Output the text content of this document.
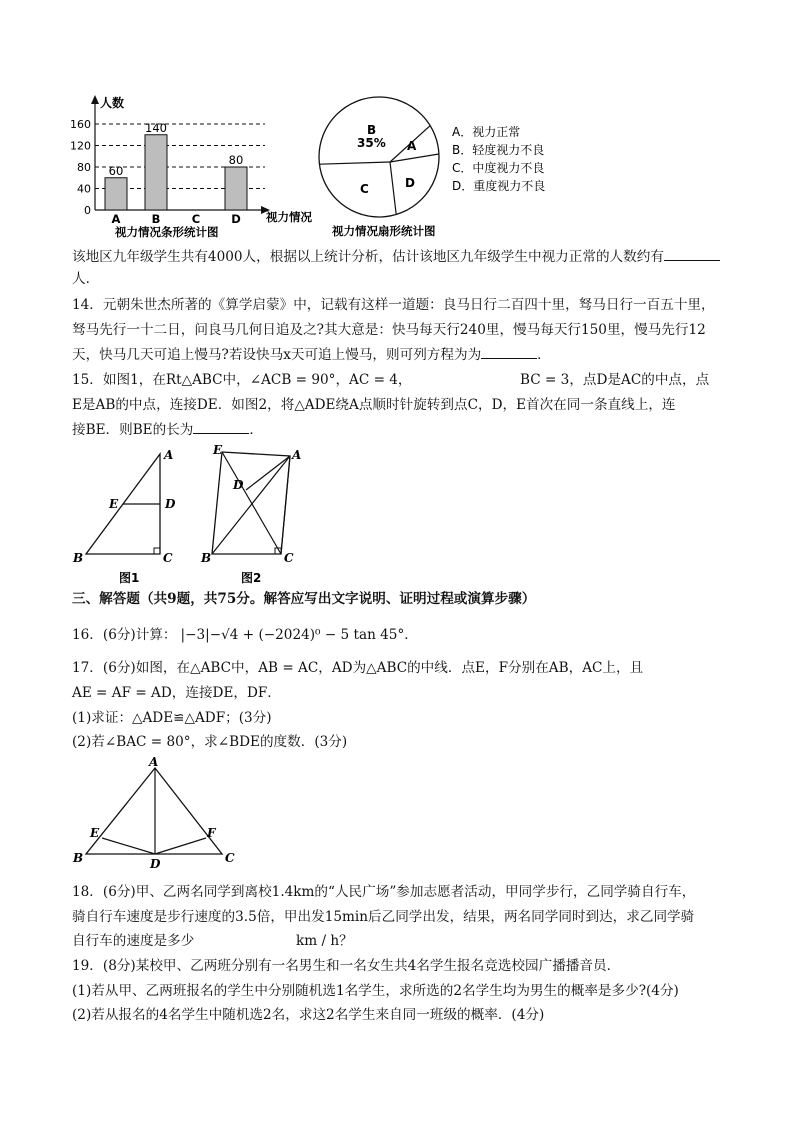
人数
视力情况
视力情况条形统计图
0
40
80
120
160
60
A
140
B	C
80
D
B
35% A
D
C
视力情况扇形统计图
A．视力正常
B．轻度视力不良
C．中度视力不良
D．重度视力不良
该地区九年级学生共有4000人，根据以上统计分析，估计该地区九年级学生中视力正常的人数约有
人．
14．元朝朱世杰所著的《算学启蒙》中，记载有这样一道题：良马日行二百四十里，驽马日行一百五十里，
驽马先行一十二日，问良马几何日追及之?其大意是：快马每天行240里，慢马每天行150里，慢马先行12
天，快马几天可追上慢马?若设快马x天可追上慢马，则可列方程为为	．
15．如图1，在Rt△ABC中，∠ACB = 90°，AC = 4，	BC = 3，点D是AC的中点，点
E是AB的中点，连接DE．如图2，将△ADE绕A点顺时针旋转到点C，D，E首次在同一条直线上，连
接BE．则BE的长为	．
A
E	D
B	C
图1
E	A
D
B	C
图2
三、解答题（共9题，共75分。解答应写出文字说明、证明过程或演算步骤）
16．(6分)计算： |−3|−√4 + (−2024)⁰ − 5 tan 45°．
17．(6分)如图，在△ABC中，AB = AC，AD为△ABC的中线．点E，F分别在AB，AC上，且
AE = AF = AD，连接DE，DF．
(1)求证：△ADE≌△ADF；(3分)
(2)若∠BAC = 80°，求∠BDE的度数．(3分)
A
E	F
B	D	C
18．(6分)甲、乙两名同学到离校1.4km的“人民广场”参加志愿者活动，甲同学步行，乙同学骑自行车，
骑自行车速度是步行速度的3.5倍，甲出发15min后乙同学出发，结果，两名同学同时到达，求乙同学骑
自行车的速度是多少	km / h？
19．(8分)某校甲、乙两班分别有一名男生和一名女生共4名学生报名竞选校园广播播音员．
(1)若从甲、乙两班报名的学生中分别随机选1名学生，求所选的2名学生均为男生的概率是多少?(4分)
(2)若从报名的4名学生中随机选2名，求这2名学生来自同一班级的概率．(4分)
